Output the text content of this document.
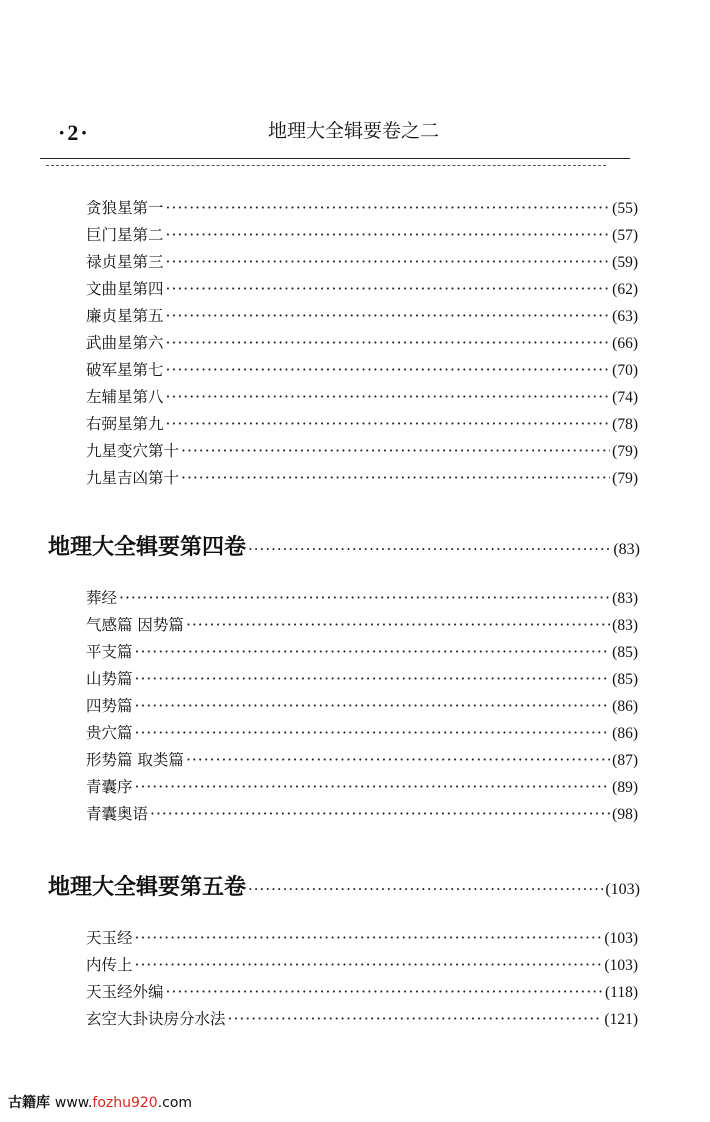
·2·	地理大全辑要卷之二
贪狼星第一 ·····	(55)
巨门星第二 ·····	(57)
禄贞星第三 ·····	(59)
文曲星第四 ·····	(62)
廉贞星第五 ·····	(63)
武曲星第六 ·····	(66)
破军星第七 ·····	(70)
左辅星第八 ·····	(74)
右弼星第九 ·····	(78)
九星变穴第十 ·····	(79)
九星吉凶第十 ·····	(79)
地理大全辑要第四卷 ·····	(83)
葬经 ·····	(83)
气感篇 因势篇 ·····	(83)
平支篇 ·····	(85)
山势篇 ·····	(85)
四势篇 ·····	(86)
贵穴篇 ·····	(86)
形势篇 取类篇 ·····	(87)
青囊序 ·····	(89)
青囊奥语 ·····	(98)
地理大全辑要第五卷 ·····	(103)
天玉经 ·····	(103)
内传上 ·····	(103)
天玉经外编 ·····	(118)
玄空大卦诀房分水法 ·····	(121)
古籍库 www.fozhu920.com
